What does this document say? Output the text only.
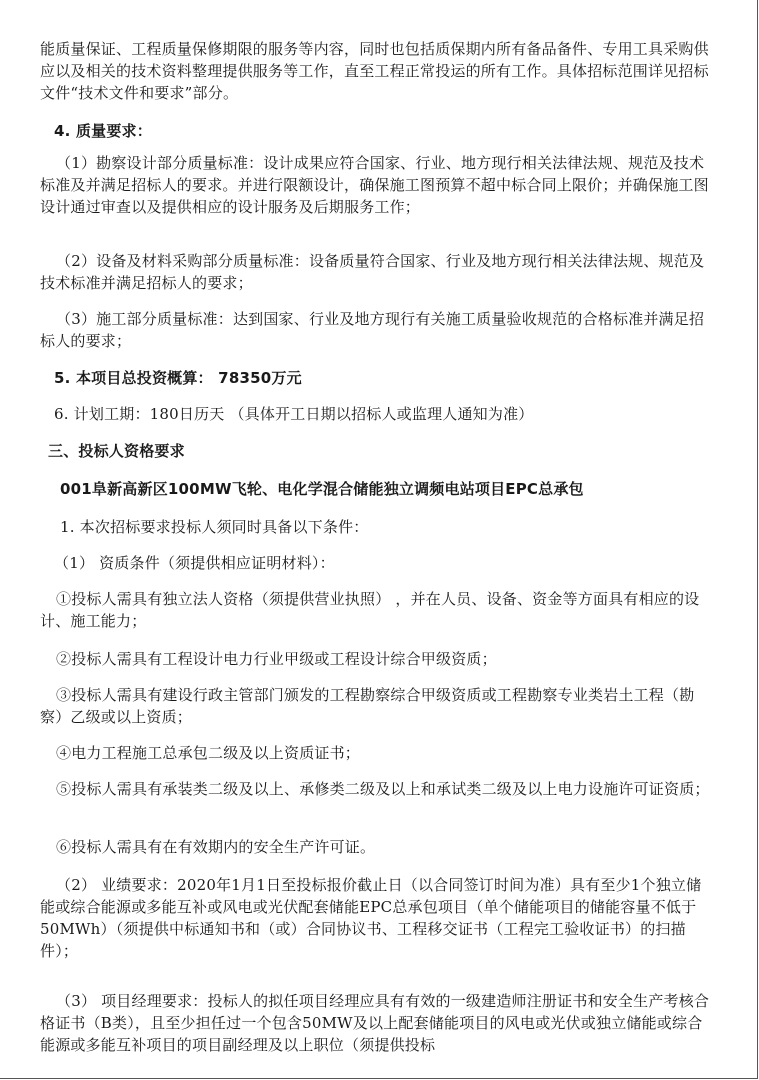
能质量保证、工程质量保修期限的服务等内容，同时也包括质保期内所有备品备件、专用工具采购供应以及相关的技术资料整理提供服务等工作，直至工程正常投运的所有工作。具体招标范围详见招标文件“技术文件和要求”部分。

4. 质量要求：

（1）勘察设计部分质量标准：设计成果应符合国家、行业、地方现行相关法律法规、规范及技术标准及并满足招标人的要求。并进行限额设计，确保施工图预算不超中标合同上限价；并确保施工图设计通过审查以及提供相应的设计服务及后期服务工作；

（2）设备及材料采购部分质量标准：设备质量符合国家、行业及地方现行相关法律法规、规范及技术标准并满足招标人的要求；

（3）施工部分质量标准：达到国家、行业及地方现行有关施工质量验收规范的合格标准并满足招标人的要求；

5. 本项目总投资概算： 78350万元

6. 计划工期：180日历天 （具体开工日期以招标人或监理人通知为准）

三、投标人资格要求

001阜新高新区100MW飞轮、电化学混合储能独立调频电站项目EPC总承包

1. 本次招标要求投标人须同时具备以下条件：

（1） 资质条件（须提供相应证明材料）：

①投标人需具有独立法人资格（须提供营业执照） ，并在人员、设备、资金等方面具有相应的设计、施工能力；

②投标人需具有工程设计电力行业甲级或工程设计综合甲级资质；

③投标人需具有建设行政主管部门颁发的工程勘察综合甲级资质或工程勘察专业类岩土工程（勘察）乙级或以上资质；

④电力工程施工总承包二级及以上资质证书；

⑤投标人需具有承装类二级及以上、承修类二级及以上和承试类二级及以上电力设施许可证资质；

⑥投标人需具有在有效期内的安全生产许可证。

（2） 业绩要求：2020年1月1日至投标报价截止日（以合同签订时间为准）具有至少1个独立储能或综合能源或多能互补或风电或光伏配套储能EPC总承包项目（单个储能项目的储能容量不低于50MWh）（须提供中标通知书和（或）合同协议书、工程移交证书（工程完工验收证书）的扫描件）；

（3） 项目经理要求：投标人的拟任项目经理应具有有效的一级建造师注册证书和安全生产考核合格证书（B类），且至少担任过一个包含50MW及以上配套储能项目的风电或光伏或独立储能或综合能源或多能互补项目的项目副经理及以上职位（须提供投标
